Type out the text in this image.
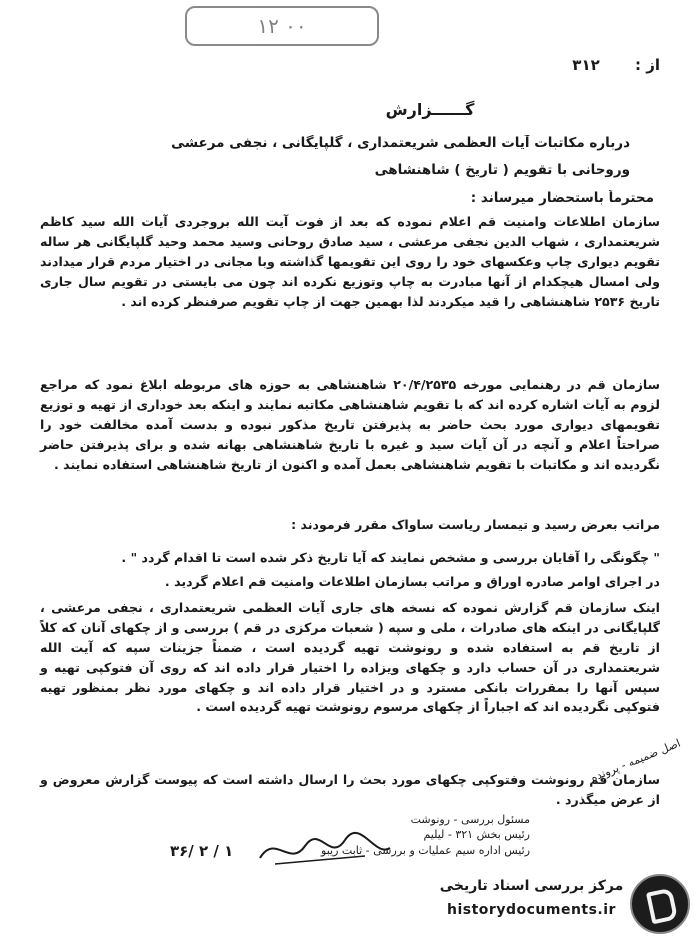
۱۲ ۰۰
از : ۳۱۲
گــــــزارش
درباره مکاتبات آیات العظمی شریعتمداری ، گلپایگانی ، نجفی مرعشی
وروحانی با تقویم ( تاریخ ) شاهنشاهی
محترماً باستحضار میرساند :
سازمان اطلاعات وامنیت قم اعلام نموده که بعد از فوت آیت الله بروجردی آیات الله سید کاظم شریعتمداری ، شهاب الدین نجفی مرعشی ، سید صادق روحانی وسید محمد وحید گلپایگانی هر ساله تقویم دیواری چاپ وعکسهای خود را روی این تقویمها گذاشته وبا مجانی در اختیار مردم قرار میدادند ولی امسال هیچکدام از آنها مبادرت به چاپ وتوزیع نکرده اند چون می بایستی در تقویم سال جاری تاریخ ۲۵۳۶ شاهنشاهی را قید میکردند لذا بهمین جهت از چاپ تقویم صرفنظر کرده اند .
سازمان قم در رهنمایی مورخه ۲۰/۴/۲۵۳۵ شاهنشاهی به حوزه های مربوطه ابلاغ نمود که مراجع لزوم به آیات اشاره کرده اند که با تقویم شاهنشاهی مکاتبه نمایند و اینکه بعد خوداری از تهیه و توزیع تقویمهای دیواری مورد بحث حاضر به پذیرفتن تاریخ مذکور نبوده و بدست آمده مخالفت خود را صراحتاً اعلام و آنچه در آن آیات سید و غیره با تاریخ شاهنشاهی بهانه شده و برای پذیرفتن حاضر نگردیده اند و مکاتبات با تقویم شاهنشاهی بعمل آمده و اکنون از تاریخ شاهنشاهی استفاده نمایند .
مراتب بعرض رسید و تیمسار ریاست ساواک مقرر فرمودند :
" چگونگی را آقایان بررسی و مشخص نمایند که آیا تاریخ ذکر شده است تا اقدام گردد " .
در اجرای اوامر صادره اوراق و مراتب بسازمان اطلاعات وامنیت قم اعلام گردید .
اینک سازمان قم گزارش نموده که نسخه های جاری آیات العظمی شریعتمداری ، نجفی مرعشی ، گلپایگانی در اینکه های صادرات ، ملی و سپه ( شعبات مرکزی در قم ) بررسی و از چکهای آنان که کلاً از تاریخ قم به استفاده شده و رونوشت تهیه گردیده است ، ضمناً جزینات سپه که آیت الله شریعتمداری در آن حساب دارد و چکهای ویزاده را اختیار قرار داده اند که روی آن فتوکپی تهیه و سپس آنها را بمقررات بانکی مسترد و در اختیار قرار داده اند و چکهای مورد نظر بمنظور تهیه فتوکپی نگردیده اند که اجباراً از چکهای مرسوم رونوشت تهیه گردیده است .
سازمان قم رونوشت وفتوکپی چکهای مورد بحث را ارسال داشته است که پیوست گزارش معروض و از عرض میگذرد .
مسئول بررسی - رونوشت
رئیس بخش ۳۲۱ - لیلیم
رئیس اداره سیم عملیات و بررسی - ثابت ریبو
۳۶/ ۲ / ۱
اصل ضمیمه - پرونده
مرکز بررسی اسناد تاریخی
historydocuments.ir
